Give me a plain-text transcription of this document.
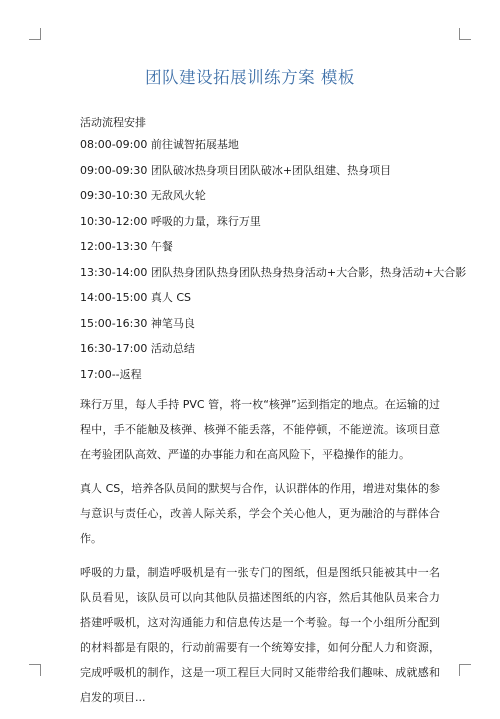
团队建设拓展训练方案 模板
活动流程安排
08:00-09:00 前往诚智拓展基地
09:00-09:30 团队破冰热身项目团队破冰+团队组建、热身项目
09:30-10:30 无敌风火轮
10:30-12:00 呼吸的力量，珠行万里
12:00-13:30 午餐
13:30-14:00 团队热身团队热身团队热身热身活动+大合影，热身活动+大合影
14:00-15:00 真人 CS
15:00-16:30 神笔马良
16:30-17:00 活动总结
17:00--返程

珠行万里，每人手持 PVC 管，将一枚“核弹”运到指定的地点。在运输的过程中，手不能触及核弹、核弹不能丢落，不能停顿，不能逆流。该项目意在考验团队高效、严谨的办事能力和在高风险下，平稳操作的能力。

真人 CS，培养各队员间的默契与合作，认识群体的作用，增进对集体的参与意识与责任心，改善人际关系，学会个关心他人，更为融洽的与群体合作。

呼吸的力量，制造呼吸机是有一张专门的图纸，但是图纸只能被其中一名队员看见，该队员可以向其他队员描述图纸的内容，然后其他队员来合力搭建呼吸机，这对沟通能力和信息传达是一个考验。每一个小组所分配到的材料都是有限的，行动前需要有一个统筹安排，如何分配人力和资源，完成呼吸机的制作，这是一项工程巨大同时又能带给我们趣味、成就感和启发的项目...
